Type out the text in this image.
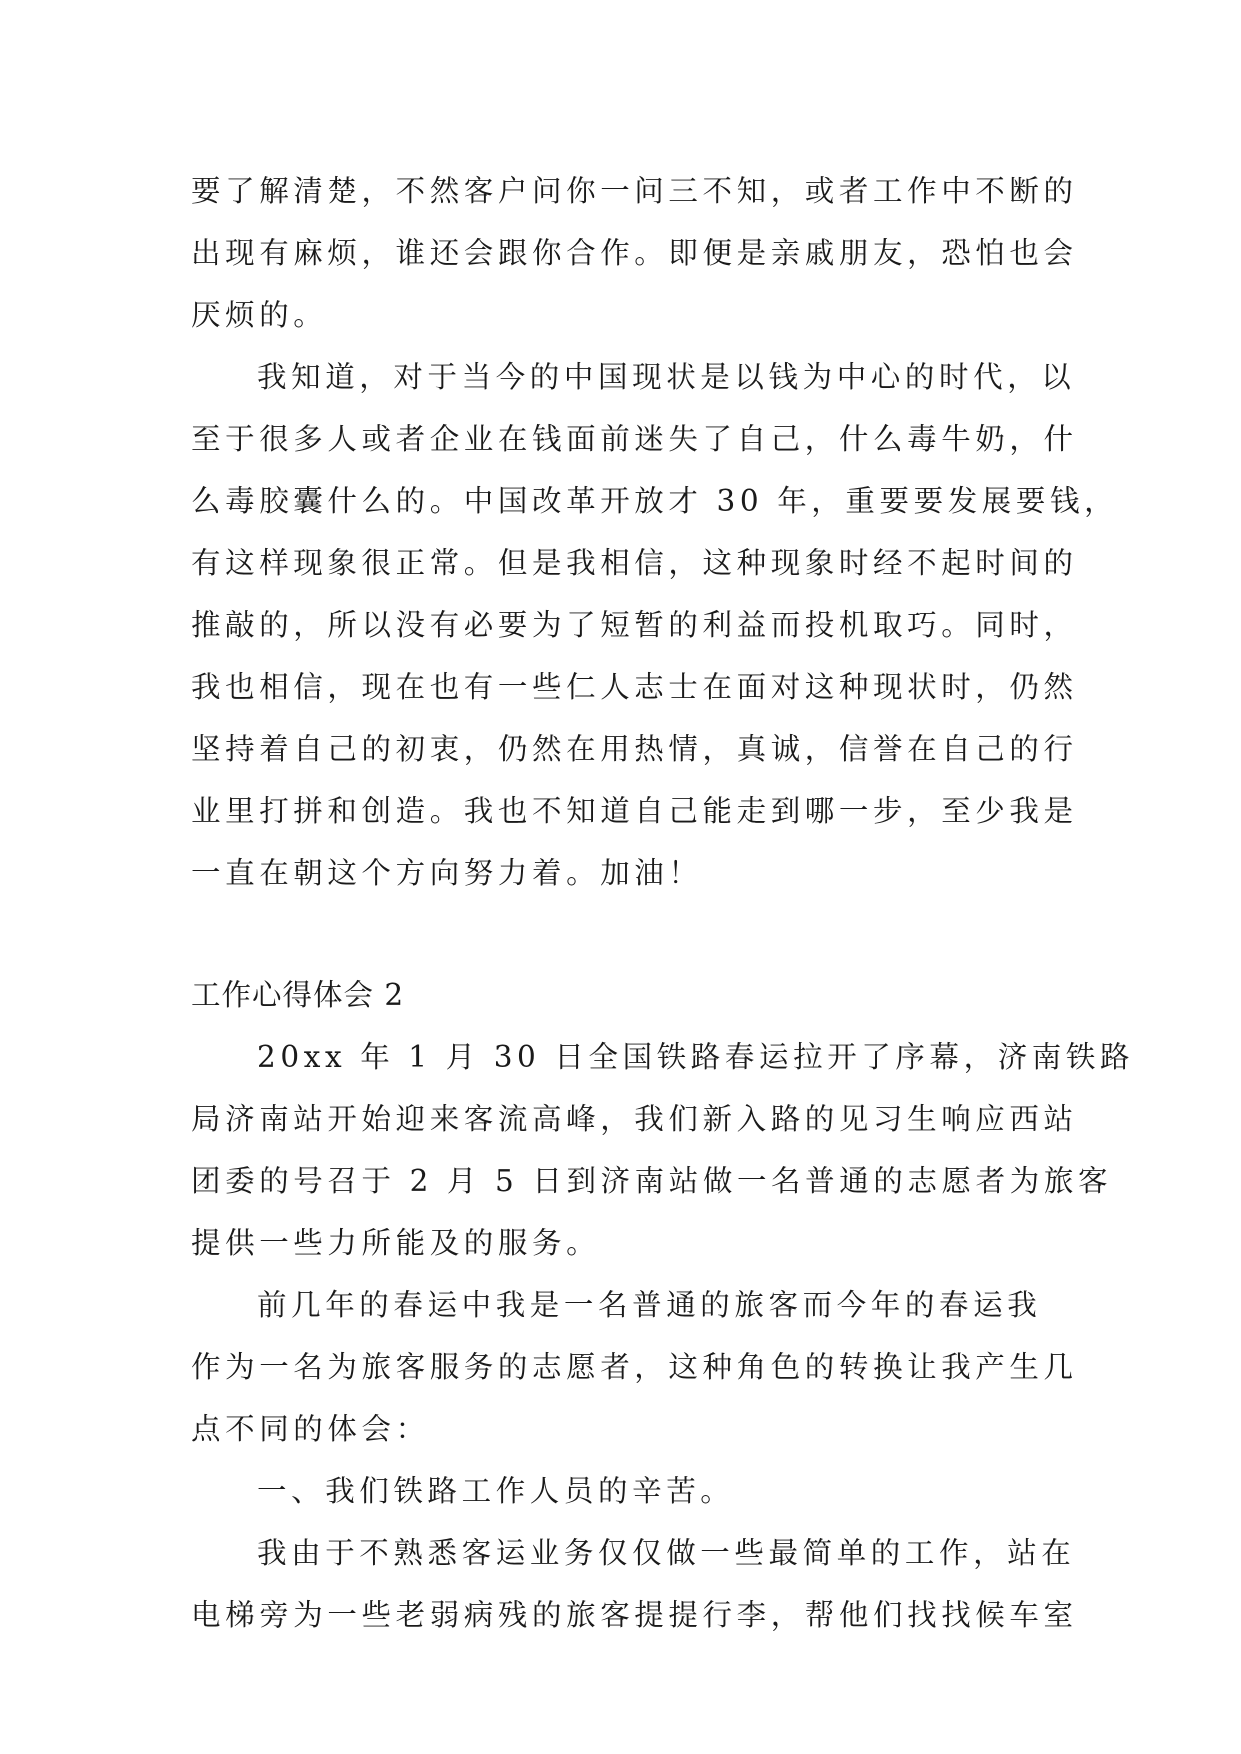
要了解清楚，不然客户问你一问三不知，或者工作中不断的
出现有麻烦，谁还会跟你合作。即便是亲戚朋友，恐怕也会
厌烦的。
我知道，对于当今的中国现状是以钱为中心的时代，以
至于很多人或者企业在钱面前迷失了自己，什么毒牛奶，什
么毒胶囊什么的。中国改革开放才 30 年，重要要发展要钱，
有这样现象很正常。但是我相信，这种现象时经不起时间的
推敲的，所以没有必要为了短暂的利益而投机取巧。同时，
我也相信，现在也有一些仁人志士在面对这种现状时，仍然
坚持着自己的初衷，仍然在用热情，真诚，信誉在自己的行
业里打拼和创造。我也不知道自己能走到哪一步，至少我是
一直在朝这个方向努力着。加油！
工作心得体会 2
20xx 年 1 月 30 日全国铁路春运拉开了序幕，济南铁路
局济南站开始迎来客流高峰，我们新入路的见习生响应西站
团委的号召于 2 月 5 日到济南站做一名普通的志愿者为旅客
提供一些力所能及的服务。
前几年的春运中我是一名普通的旅客而今年的春运我
作为一名为旅客服务的志愿者，这种角色的转换让我产生几
点不同的体会：
一、我们铁路工作人员的辛苦。
我由于不熟悉客运业务仅仅做一些最简单的工作，站在
电梯旁为一些老弱病残的旅客提提行李，帮他们找找候车室
